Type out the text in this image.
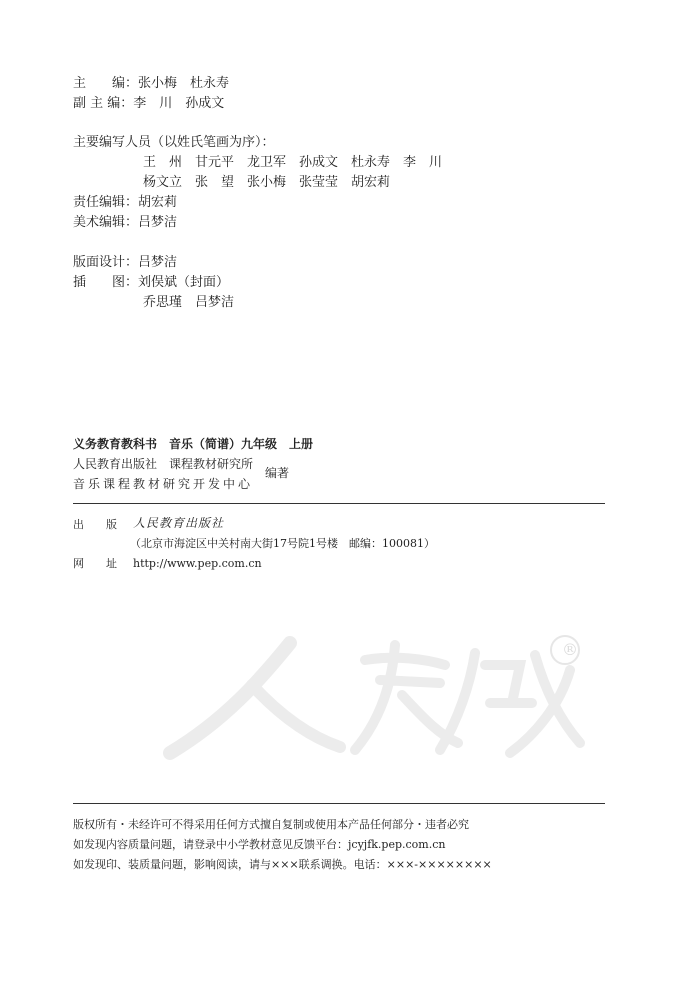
主　　编：张小梅　杜永寿
副 主 编：李　川　孙成文
主要编写人员（以姓氏笔画为序）：
王　州　甘元平　龙卫军　孙成文　杜永寿　李　川
杨文立　张　望　张小梅　张莹莹　胡宏莉
责任编辑：胡宏莉
美术编辑：吕梦洁
版面设计：吕梦洁
插　　图：刘俣斌（封面）
乔思瑾　吕梦洁
义务教育教科书　音乐（简谱）九年级　上册
人民教育出版社　课程教材研究所
音乐课程教材研究开发中心
编著
出　　版 人民教育出版社
（北京市海淀区中关村南大街17号院1号楼　邮编：100081）
网　　址 http://www.pep.com.cn
®
版权所有・未经许可不得采用任何方式擅自复制或使用本产品任何部分・违者必究
如发现内容质量问题，请登录中小学教材意见反馈平台：jcyjfk.pep.com.cn
如发现印、装质量问题，影响阅读，请与×××联系调换。电话：×××-××××××××
